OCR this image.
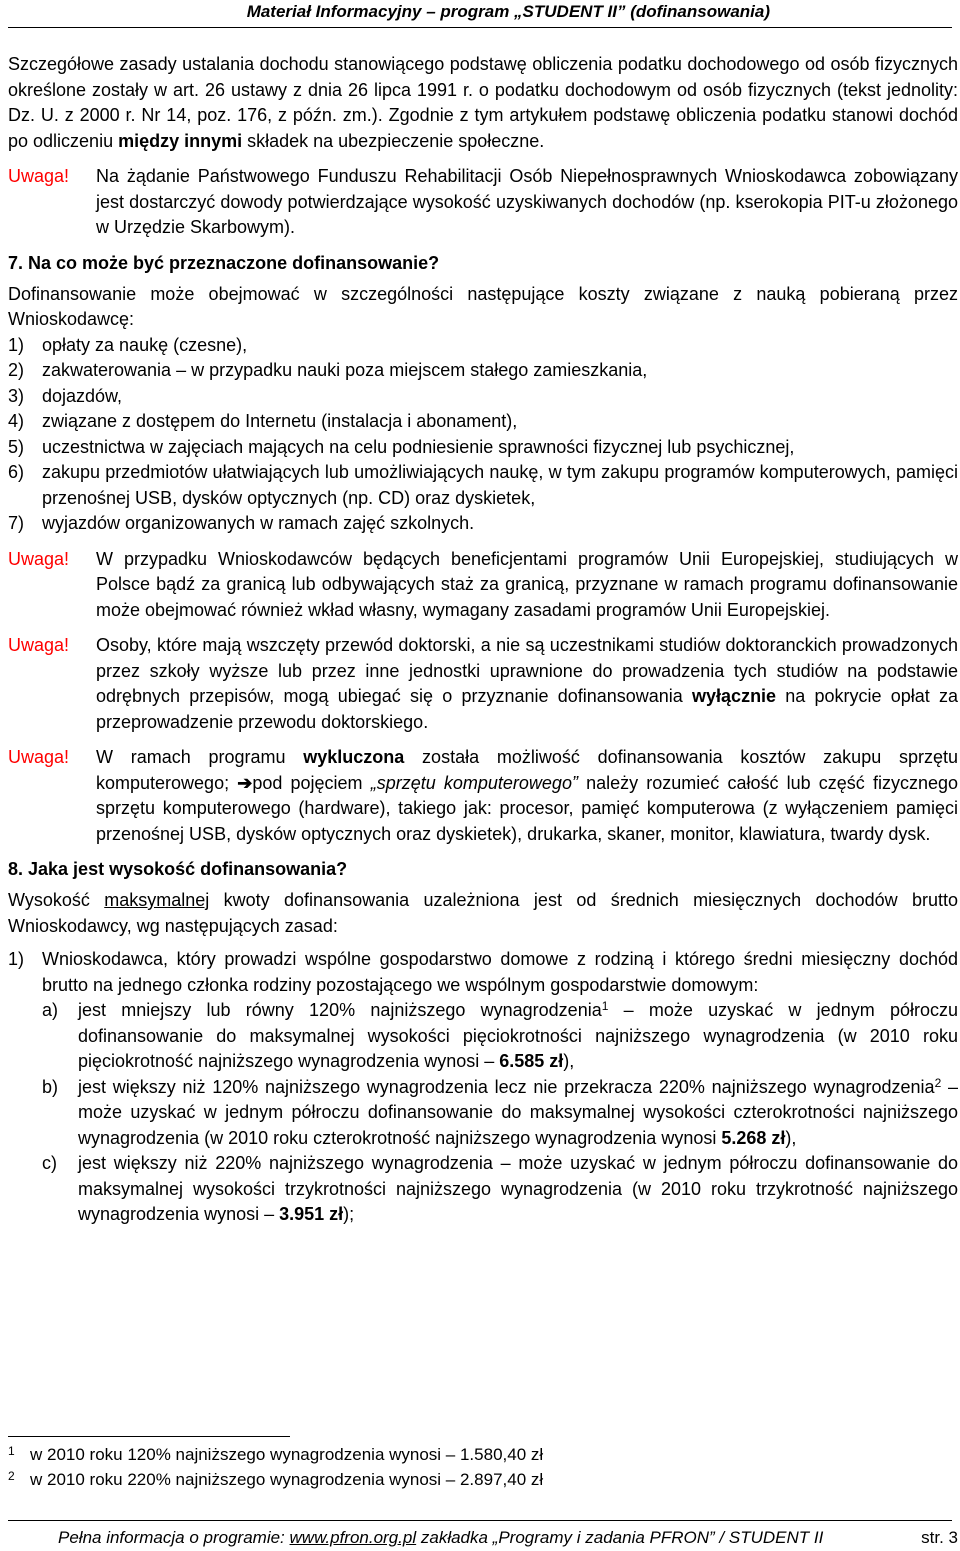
Materiał Informacyjny – program „STUDENT II” (dofinansowania)

Szczegółowe zasady ustalania dochodu stanowiącego podstawę obliczenia podatku dochodowego od osób fizycznych określone zostały w art. 26 ustawy z dnia 26 lipca 1991 r. o podatku dochodowym od osób fizycznych (tekst jednolity: Dz. U. z 2000 r. Nr 14, poz. 176, z późn. zm.). Zgodnie z tym artykułem podstawę obliczenia podatku stanowi dochód po odliczeniu między innymi składek na ubezpieczenie społeczne.

Uwaga!	Na żądanie Państwowego Funduszu Rehabilitacji Osób Niepełnosprawnych Wnioskodawca zobowiązany jest dostarczyć dowody potwierdzające wysokość uzyskiwanych dochodów (np. kserokopia PIT-u złożonego w Urzędzie Skarbowym).
7. Na co może być przeznaczone dofinansowanie?

Dofinansowanie może obejmować w szczególności następujące koszty związane z nauką pobieraną przez Wnioskodawcę:

1) opłaty za naukę (czesne),
2) zakwaterowania – w przypadku nauki poza miejscem stałego zamieszkania,
3) dojazdów,
4) związane z dostępem do Internetu (instalacja i abonament),
5) uczestnictwa w zajęciach mających na celu podniesienie sprawności fizycznej lub psychicznej,
6) zakupu przedmiotów ułatwiających lub umożliwiających naukę, w tym zakupu programów komputerowych, pamięci przenośnej USB, dysków optycznych (np. CD) oraz dyskietek,
7) wyjazdów organizowanych w ramach zajęć szkolnych.
Uwaga!	W przypadku Wnioskodawców będących beneficjentami programów Unii Europejskiej, studiujących w Polsce bądź za granicą lub odbywających staż za granicą, przyznane w ramach programu dofinansowanie może obejmować również wkład własny, wymagany zasadami programów Unii Europejskiej.
Uwaga!	Osoby, które mają wszczęty przewód doktorski, a nie są uczestnikami studiów doktoranckich prowadzonych przez szkoły wyższe lub przez inne jednostki uprawnione do prowadzenia tych studiów na podstawie odrębnych przepisów, mogą ubiegać się o przyznanie dofinansowania wyłącznie na pokrycie opłat za przeprowadzenie przewodu doktorskiego.
Uwaga!	W ramach programu wykluczona została możliwość dofinansowania kosztów zakupu sprzętu komputerowego; ➔pod pojęciem „sprzętu komputerowego” należy rozumieć całość lub część fizycznego sprzętu komputerowego (hardware), takiego jak: procesor, pamięć komputerowa (z wyłączeniem pamięci przenośnej USB, dysków optycznych oraz dyskietek), drukarka, skaner, monitor, klawiatura, twardy dysk.
8. Jaka jest wysokość dofinansowania?

Wysokość maksymalnej kwoty dofinansowania uzależniona jest od średnich miesięcznych dochodów brutto Wnioskodawcy, wg następujących zasad:

1) Wnioskodawca, który prowadzi wspólne gospodarstwo domowe z rodziną i którego średni miesięczny dochód brutto na jednego członka rodziny pozostającego we wspólnym gospodarstwie domowym:
a)	jest mniejszy lub równy 120% najniższego wynagrodzenia$^1$ – może uzyskać w jednym półroczu dofinansowanie do maksymalnej wysokości pięciokrotności najniższego wynagrodzenia (w 2010 roku pięciokrotność najniższego wynagrodzenia wynosi – 6.585 zł),
b)	jest większy niż 120% najniższego wynagrodzenia lecz nie przekracza 220% najniższego wynagrodzenia$^2$ – może uzyskać w jednym półroczu dofinansowanie do maksymalnej wysokości czterokrotności najniższego wynagrodzenia (w 2010 roku czterokrotność najniższego wynagrodzenia wynosi 5.268 zł),
c)	jest większy niż 220% najniższego wynagrodzenia – może uzyskać w jednym półroczu dofinansowanie do maksymalnej wysokości trzykrotności najniższego wynagrodzenia (w 2010 roku trzykrotność najniższego wynagrodzenia wynosi – 3.951 zł);
1 w 2010 roku 120% najniższego wynagrodzenia wynosi – 1.580,40 zł
2 w 2010 roku 220% najniższego wynagrodzenia wynosi – 2.897,40 zł
Pełna informacja o programie: www.pfron.org.pl zakładka „Programy i zadania PFRON” / STUDENT II	str. 3
